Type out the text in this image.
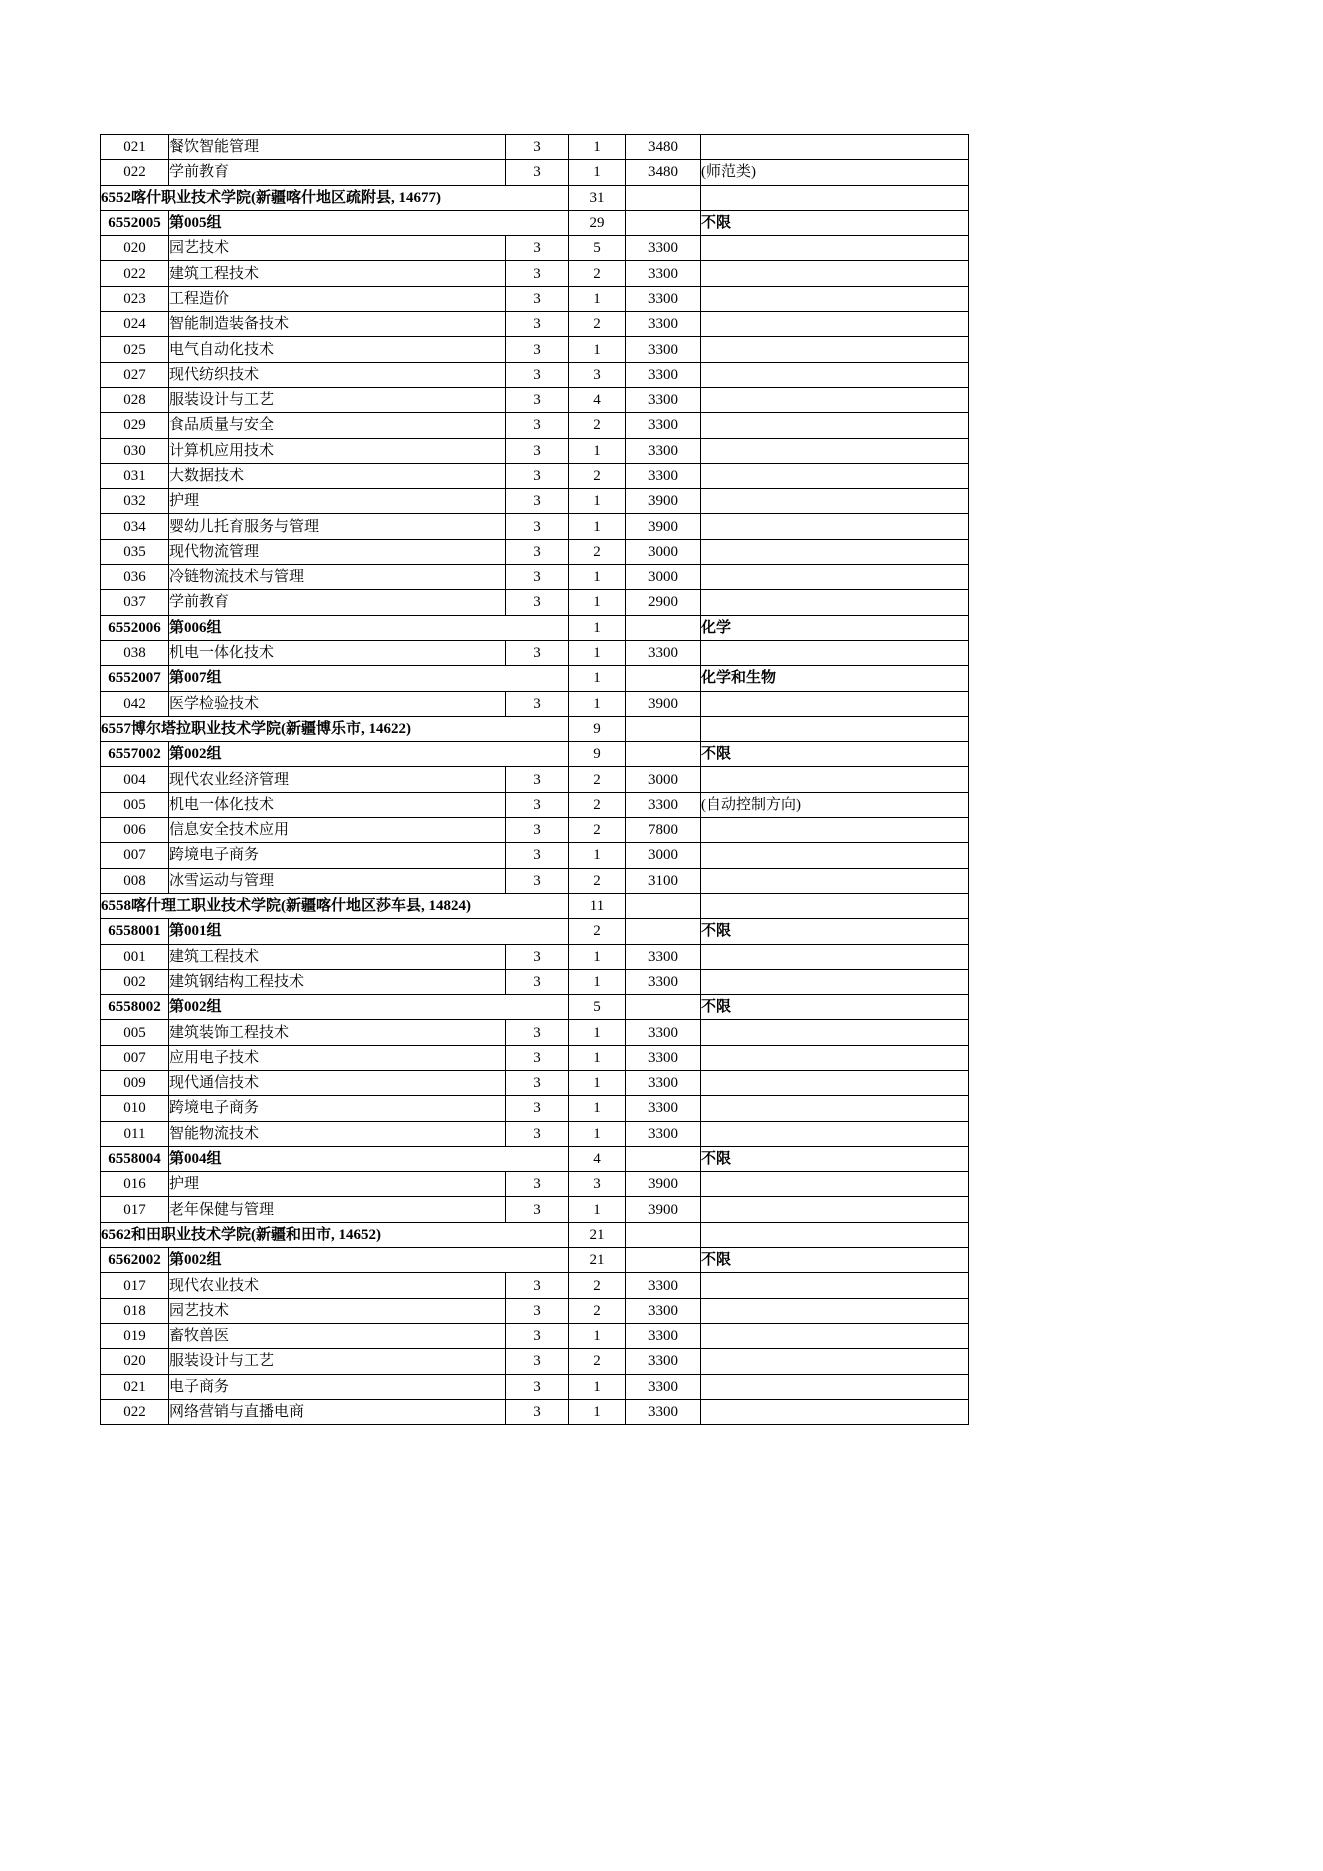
021	餐饮智能管理	3	1	3480	
022	学前教育	3	1	3480	(师范类)
6552喀什职业技术学院(新疆喀什地区疏附县, 14677)			31		
6552005	第005组		29		不限
020	园艺技术	3	5	3300	
022	建筑工程技术	3	2	3300	
023	工程造价	3	1	3300	
024	智能制造装备技术	3	2	3300	
025	电气自动化技术	3	1	3300	
027	现代纺织技术	3	3	3300	
028	服装设计与工艺	3	4	3300	
029	食品质量与安全	3	2	3300	
030	计算机应用技术	3	1	3300	
031	大数据技术	3	2	3300	
032	护理	3	1	3900	
034	婴幼儿托育服务与管理	3	1	3900	
035	现代物流管理	3	2	3000	
036	冷链物流技术与管理	3	1	3000	
037	学前教育	3	1	2900	
6552006	第006组		1		化学
038	机电一体化技术	3	1	3300	
6552007	第007组		1		化学和生物
042	医学检验技术	3	1	3900	
6557博尔塔拉职业技术学院(新疆博乐市, 14622)			9		
6557002	第002组		9		不限
004	现代农业经济管理	3	2	3000	
005	机电一体化技术	3	2	3300	(自动控制方向)
006	信息安全技术应用	3	2	7800	
007	跨境电子商务	3	1	3000	
008	冰雪运动与管理	3	2	3100	
6558喀什理工职业技术学院(新疆喀什地区莎车县, 14824)			11		
6558001	第001组		2		不限
001	建筑工程技术	3	1	3300	
002	建筑钢结构工程技术	3	1	3300	
6558002	第002组		5		不限
005	建筑装饰工程技术	3	1	3300	
007	应用电子技术	3	1	3300	
009	现代通信技术	3	1	3300	
010	跨境电子商务	3	1	3300	
011	智能物流技术	3	1	3300	
6558004	第004组		4		不限
016	护理	3	3	3900	
017	老年保健与管理	3	1	3900	
6562和田职业技术学院(新疆和田市, 14652)			21		
6562002	第002组		21		不限
017	现代农业技术	3	2	3300	
018	园艺技术	3	2	3300	
019	畜牧兽医	3	1	3300	
020	服装设计与工艺	3	2	3300	
021	电子商务	3	1	3300	
022	网络营销与直播电商	3	1	3300	
